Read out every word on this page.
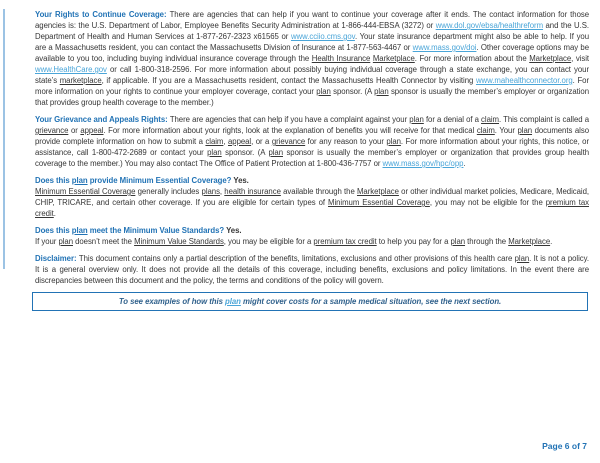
Your Rights to Continue Coverage: There are agencies that can help if you want to continue your coverage after it ends. The contact information for those agencies is: the U.S. Department of Labor, Employee Benefits Security Administration at 1-866-444-EBSA (3272) or www.dol.gov/ebsa/healthreform and the U.S. Department of Health and Human Services at 1-877-267-2323 x61565 or www.cciio.cms.gov. Your state insurance department might also be able to help. If you are a Massachusetts resident, you can contact the Massachusetts Division of Insurance at 1-877-563-4467 or www.mass.gov/doi. Other coverage options may be available to you too, including buying individual insurance coverage through the Health Insurance Marketplace. For more information about the Marketplace, visit www.HealthCare.gov or call 1-800-318-2596. For more information about possibly buying individual coverage through a state exchange, you can contact your state’s marketplace, if applicable. If you are a Massachusetts resident, contact the Massachusetts Health Connector by visiting www.mahealthconnector.org. For more information on your rights to continue your employer coverage, contact your plan sponsor. (A plan sponsor is usually the member’s employer or organization that provides group health coverage to the member.)

Your Grievance and Appeals Rights: There are agencies that can help if you have a complaint against your plan for a denial of a claim. This complaint is called a grievance or appeal. For more information about your rights, look at the explanation of benefits you will receive for that medical claim. Your plan documents also provide complete information on how to submit a claim, appeal, or a grievance for any reason to your plan. For more information about your rights, this notice, or assistance, call 1-800-472-2689 or contact your plan sponsor. (A plan sponsor is usually the member’s employer or organization that provides group health coverage to the member.) You may also contact The Office of Patient Protection at 1-800-436-7757 or www.mass.gov/hpc/opp.

Does this plan provide Minimum Essential Coverage? Yes.

Minimum Essential Coverage generally includes plans, health insurance available through the Marketplace or other individual market policies, Medicare, Medicaid, CHIP, TRICARE, and certain other coverage. If you are eligible for certain types of Minimum Essential Coverage, you may not be eligible for the premium tax credit.

Does this plan meet the Minimum Value Standards? Yes.

If your plan doesn’t meet the Minimum Value Standards, you may be eligible for a premium tax credit to help you pay for a plan through the Marketplace.

Disclaimer: This document contains only a partial description of the benefits, limitations, exclusions and other provisions of this health care plan. It is not a policy. It is a general overview only. It does not provide all the details of this coverage, including benefits, exclusions and policy limitations. In the event there are discrepancies between this document and the policy, the terms and conditions of the policy will govern.

To see examples of how this plan might cover costs for a sample medical situation, see the next section.
Page 6 of 7
